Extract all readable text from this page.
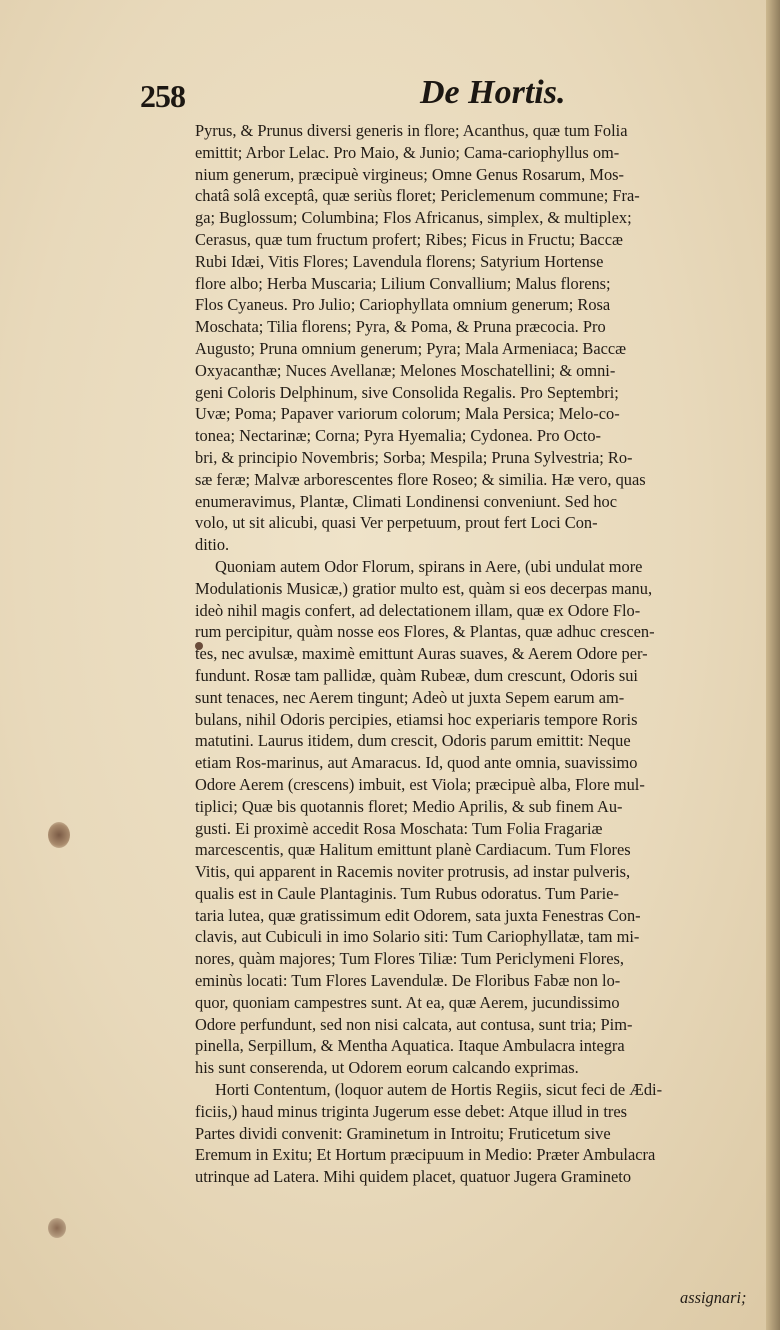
258	De Hortis.
Pyrus, & Prunus diversi generis in flore; Acanthus, quæ tum Folia
emittit; Arbor Lelac. Pro Maio, & Junio; Cama-cariophyllus om-
nium generum, præcipuè virgineus; Omne Genus Rosarum, Mos-
chatâ solâ exceptâ, quæ seriùs floret; Periclemenum commune; Fra-
ga; Buglossum; Columbina; Flos Africanus, simplex, & multiplex;
Cerasus, quæ tum fructum profert; Ribes; Ficus in Fructu; Baccæ
Rubi Idæi, Vitis Flores; Lavendula florens; Satyrium Hortense
flore albo; Herba Muscaria; Lilium Convallium; Malus florens;
Flos Cyaneus. Pro Julio; Cariophyllata omnium generum; Rosa
Moschata; Tilia florens; Pyra, & Poma, & Pruna præcocia. Pro
Augusto; Pruna omnium generum; Pyra; Mala Armeniaca; Baccæ
Oxyacanthæ; Nuces Avellanæ; Melones Moschatellini; & omni-
geni Coloris Delphinum, sive Consolida Regalis. Pro Septembri;
Uvæ; Poma; Papaver variorum colorum; Mala Persica; Melo-co-
tonea; Nectarinæ; Corna; Pyra Hyemalia; Cydonea. Pro Octo-
bri, & principio Novembris; Sorba; Mespila; Pruna Sylvestria; Ro-
sæ feræ; Malvæ arborescentes flore Roseo; & similia. Hæ vero, quas
enumeravimus, Plantæ, Climati Londinensi conveniunt. Sed hoc
volo, ut sit alicubi, quasi Ver perpetuum, prout fert Loci Con-
ditio.
Quoniam autem Odor Florum, spirans in Aere, (ubi undulat more
Modulationis Musicæ,) gratior multo est, quàm si eos decerpas manu,
ideò nihil magis confert, ad delectationem illam, quæ ex Odore Flo-
rum percipitur, quàm nosse eos Flores, & Plantas, quæ adhuc crescen-
tes, nec avulsæ, maximè emittunt Auras suaves, & Aerem Odore per-
fundunt. Rosæ tam pallidæ, quàm Rubeæ, dum crescunt, Odoris sui
sunt tenaces, nec Aerem tingunt; Adeò ut juxta Sepem earum am-
bulans, nihil Odoris percipies, etiamsi hoc experiaris tempore Roris
matutini. Laurus itidem, dum crescit, Odoris parum emittit: Neque
etiam Ros-marinus, aut Amaracus. Id, quod ante omnia, suavissimo
Odore Aerem (crescens) imbuit, est Viola; præcipuè alba, Flore mul-
tiplici; Quæ bis quotannis floret; Medio Aprilis, & sub finem Au-
gusti. Ei proximè accedit Rosa Moschata: Tum Folia Fragariæ
marcescentis, quæ Halitum emittunt planè Cardiacum. Tum Flores
Vitis, qui apparent in Racemis noviter protrusis, ad instar pulveris,
qualis est in Caule Plantaginis. Tum Rubus odoratus. Tum Parie-
taria lutea, quæ gratissimum edit Odorem, sata juxta Fenestras Con-
clavis, aut Cubiculi in imo Solario siti: Tum Cariophyllatæ, tam mi-
nores, quàm majores; Tum Flores Tiliæ: Tum Periclymeni Flores,
eminùs locati: Tum Flores Lavendulæ. De Floribus Fabæ non lo-
quor, quoniam campestres sunt. At ea, quæ Aerem, jucundissimo
Odore perfundunt, sed non nisi calcata, aut contusa, sunt tria; Pim-
pinella, Serpillum, & Mentha Aquatica. Itaque Ambulacra integra
his sunt conserenda, ut Odorem eorum calcando exprimas.
Horti Contentum, (loquor autem de Hortis Regiis, sicut feci de Ædi-
ficiis,) haud minus triginta Jugerum esse debet: Atque illud in tres
Partes dividi convenit: Graminetum in Introitu; Fruticetum sive
Eremum in Exitu; Et Hortum præcipuum in Medio: Præter Ambulacra
utrinque ad Latera. Mihi quidem placet, quatuor Jugera Gramineto
assignari;
